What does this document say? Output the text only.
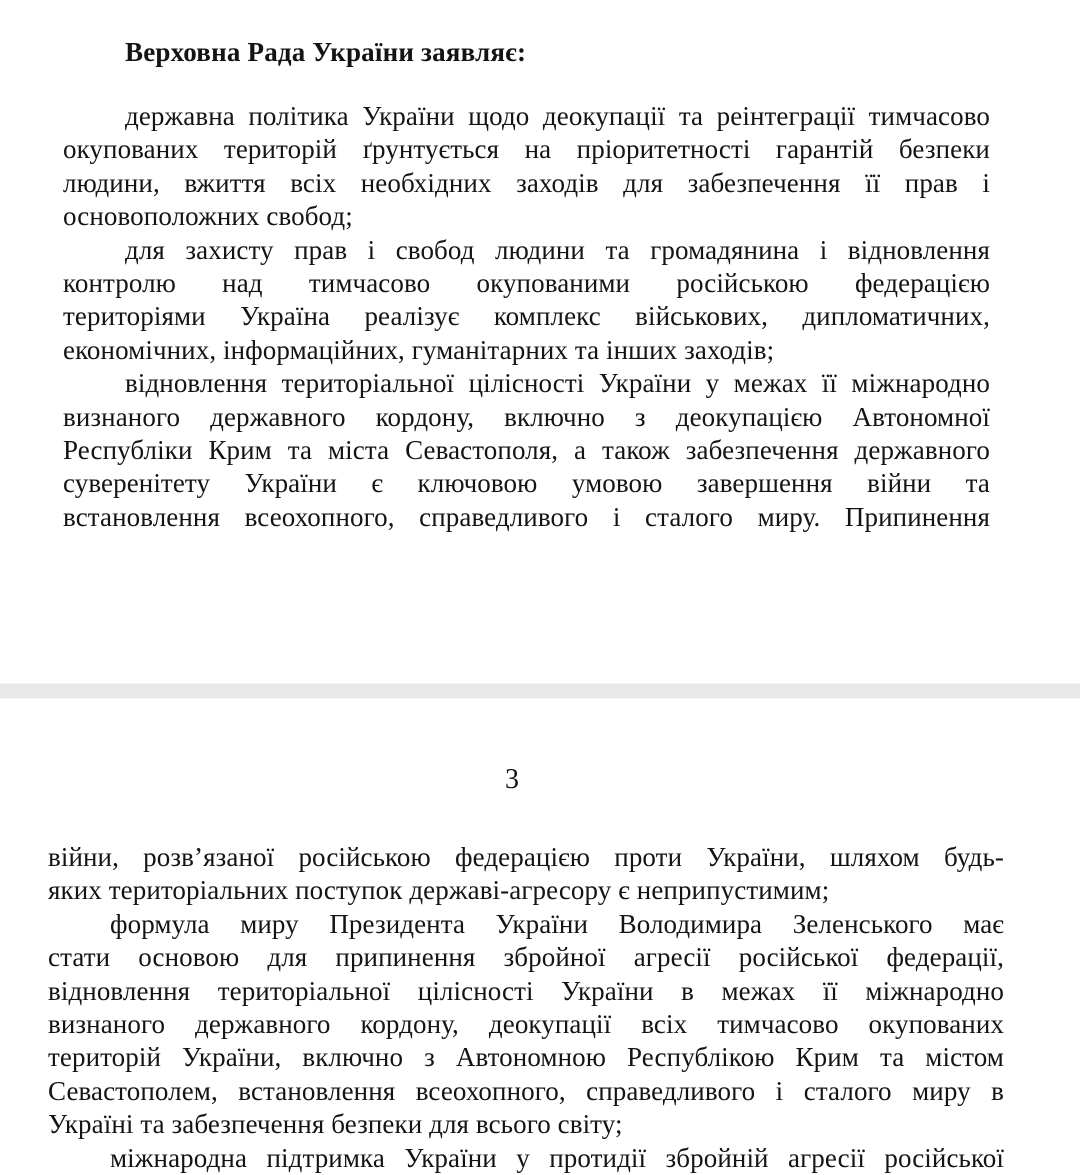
Верховна Рада України заявляє:
державна політика України щодо деокупації та реінтеграції тимчасово
окупованих територій ґрунтується на пріоритетності гарантій безпеки
людини, вжиття всіх необхідних заходів для забезпечення її прав і
основоположних свобод;
для захисту прав і свобод людини та громадянина і відновлення
контролю над тимчасово окупованими російською федерацією
територіями Україна реалізує комплекс військових, дипломатичних,
економічних, інформаційних, гуманітарних та інших заходів;
відновлення територіальної цілісності України у межах її міжнародно
визнаного державного кордону, включно з деокупацією Автономної
Республіки Крим та міста Севастополя, а також забезпечення державного
суверенітету України є ключовою умовою завершення війни та
встановлення всеохопного, справедливого і сталого миру. Припинення
3
війни, розв’язаної російською федерацією проти України, шляхом будь-
яких територіальних поступок державі-агресору є неприпустимим;
формула миру Президента України Володимира Зеленського має
стати основою для припинення збройної агресії російської федерації,
відновлення територіальної цілісності України в межах її міжнародно
визнаного державного кордону, деокупації всіх тимчасово окупованих
територій України, включно з Автономною Республікою Крим та містом
Севастополем, встановлення всеохопного, справедливого і сталого миру в
Україні та забезпечення безпеки для всього світу;
міжнародна підтримка України у протидії збройній агресії російської
